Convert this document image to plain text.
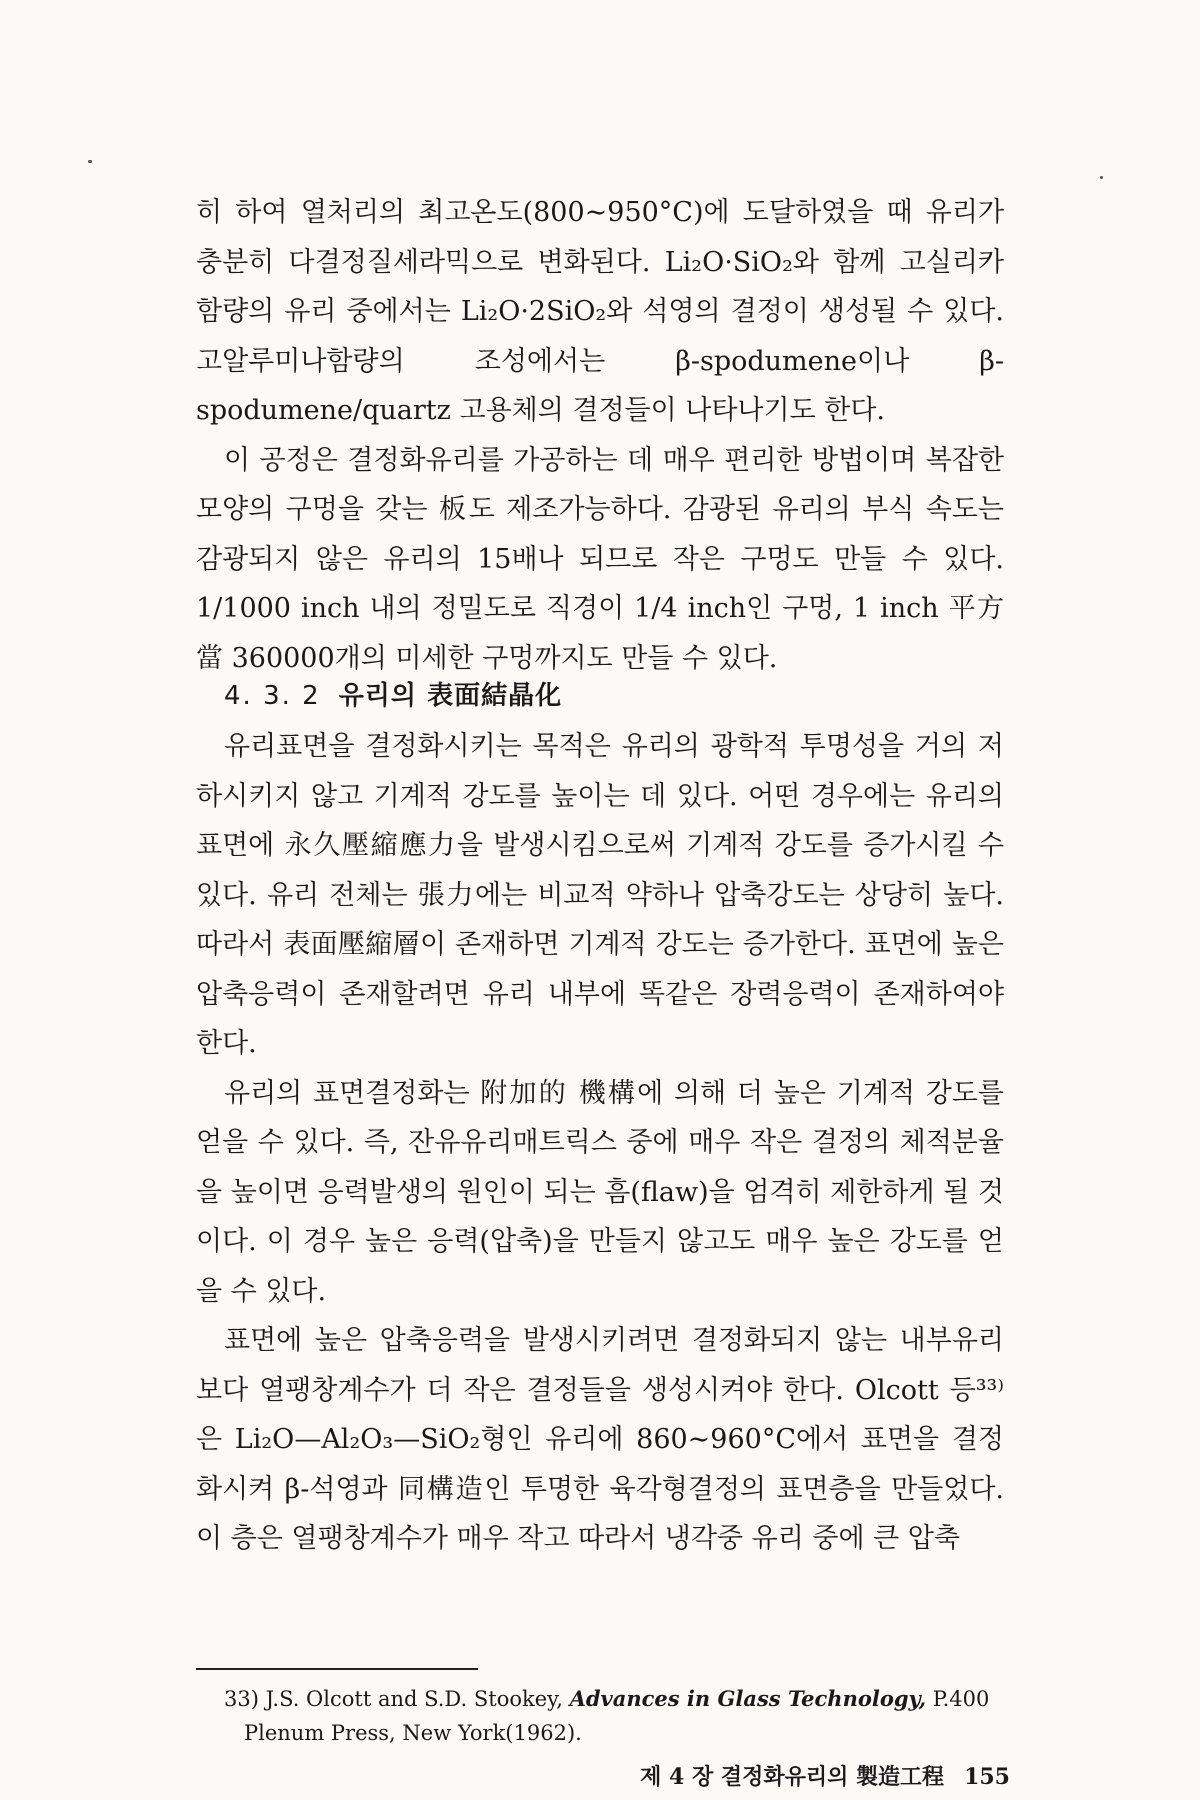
히 하여 열처리의 최고온도(800∼950°C)에 도달하였을 때 유리가 충분히 다결정질세라믹으로 변화된다. Li₂O·SiO₂와 함께 고실리카 함량의 유리 중에서는 Li₂O·2SiO₂와 석영의 결정이 생성될 수 있다. 고알루미나함량의 조성에서는 β-spodumene이나 β-spodumene/quartz 고용체의 결정들이 나타나기도 한다.

이 공정은 결정화유리를 가공하는 데 매우 편리한 방법이며 복잡한 모양의 구멍을 갖는 板도 제조가능하다. 감광된 유리의 부식 속도는 감광되지 않은 유리의 15배나 되므로 작은 구멍도 만들 수 있다. 1/1000 inch 내의 정밀도로 직경이 1/4 inch인 구멍, 1 inch 平方當 360000개의 미세한 구멍까지도 만들 수 있다.

4. 3. 2 유리의 表面結晶化

유리표면을 결정화시키는 목적은 유리의 광학적 투명성을 거의 저하시키지 않고 기계적 강도를 높이는 데 있다. 어떤 경우에는 유리의 표면에 永久壓縮應力을 발생시킴으로써 기계적 강도를 증가시킬 수 있다. 유리 전체는 張力에는 비교적 약하나 압축강도는 상당히 높다. 따라서 表面壓縮層이 존재하면 기계적 강도는 증가한다. 표면에 높은 압축응력이 존재할려면 유리 내부에 똑같은 장력응력이 존재하여야 한다.

유리의 표면결정화는 附加的 機構에 의해 더 높은 기계적 강도를 얻을 수 있다. 즉, 잔유유리매트릭스 중에 매우 작은 결정의 체적분율을 높이면 응력발생의 원인이 되는 흠(flaw)을 엄격히 제한하게 될 것이다. 이 경우 높은 응력(압축)을 만들지 않고도 매우 높은 강도를 얻을 수 있다.

표면에 높은 압축응력을 발생시키려면 결정화되지 않는 내부유리보다 열팽창계수가 더 작은 결정들을 생성시켜야 한다. Olcott 등³³⁾은 Li₂O—Al₂O₃—SiO₂형인 유리에 860∼960°C에서 표면을 결정화시켜 β-석영과 同構造인 투명한 육각형결정의 표면층을 만들었다. 이 층은 열팽창계수가 매우 작고 따라서 냉각중 유리 중에 큰 압축

33) J.S. Olcott and S.D. Stookey, Advances in Glass Technology, P.400
Plenum Press, New York(1962).
제 4 장 결정화유리의 製造工程 155
